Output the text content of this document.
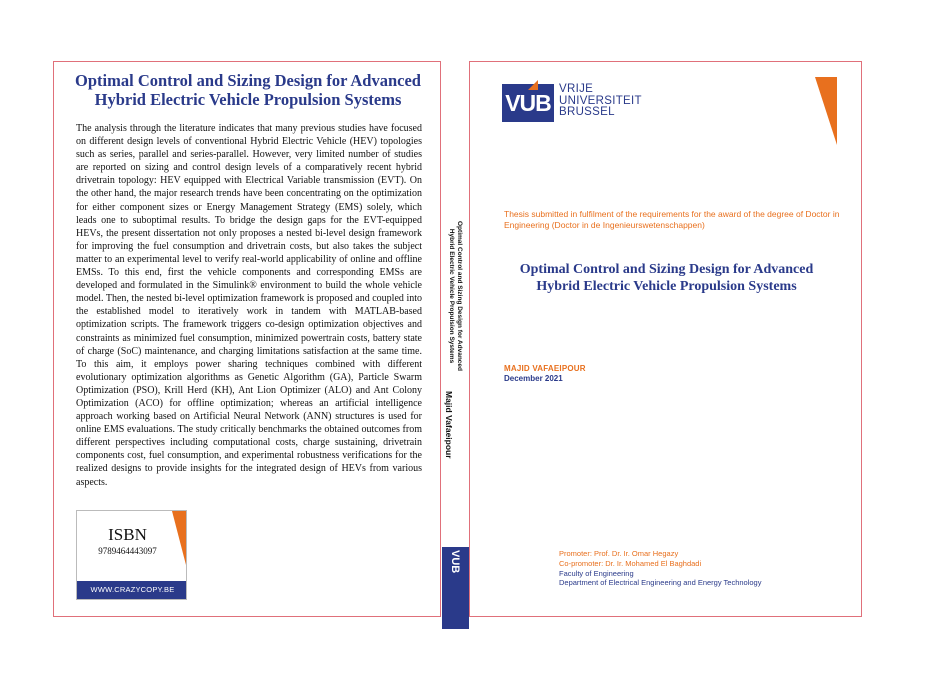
Optimal Control and Sizing Design for Advanced
Hybrid Electric Vehicle Propulsion Systems
The analysis through the literature indicates that many previous studies have focused on different design levels of conventional Hybrid Electric Vehicle (HEV) topologies such as series, parallel and series-parallel. However, very limited number of studies are reported on sizing and control design levels of a comparatively recent hybrid drivetrain topology: HEV equipped with Electrical Variable transmission (EVT). On the other hand, the major research trends have been concentrating on the optimization for either component sizes or Energy Management Strategy (EMS) solely, which leads one to suboptimal results. To bridge the design gaps for the EVT-equipped HEVs, the present dissertation not only proposes a nested bi-level design framework for improving the fuel consumption and drivetrain costs, but also takes the subject matter to an experimental level to verify real-world applicability of online and offline EMSs. To this end, first the vehicle components and corresponding EMSs are developed and formulated in the Simulink® environment to build the whole vehicle model. Then, the nested bi-level optimization framework is proposed and coupled into the established model to iteratively work in tandem with MATLAB-based optimization scripts. The framework triggers co-design optimization objectives and constraints as minimized fuel consumption, minimized powertrain costs, battery state of charge (SoC) maintenance, and charging limitations satisfaction at the same time. To this aim, it employs power sharing techniques combined with different evolutionary optimization algorithms as Genetic Algorithm (GA), Particle Swarm Optimization (PSO), Krill Herd (KH), Ant Lion Optimizer (ALO) and Ant Colony Optimization (ACO) for offline optimization; whereas an artificial intelligence approach working based on Artificial Neural Network (ANN) structures is used for online EMS evaluations. The study critically benchmarks the obtained outcomes from different perspectives including computational costs, charge sustaining, drivetrain components cost, fuel consumption, and experimental robustness verifications for the realized designs to provide insights for the integrated design of HEVs from various aspects.
ISBN
9789464443097
WWW.CRAZYCOPY.BE
Optimal Control and Sizing Design for Advanced
Hybrid Electric Vehicle Propulsion Systems
Majid Vafaeipour
VUB
VUB
VRIJE
UNIVERSITEIT
BRUSSEL
Thesis submitted in fulfilment of the requirements for the award of the degree of Doctor in Engineering (Doctor in de Ingenieurswetenschappen)
Optimal Control and Sizing Design for Advanced
Hybrid Electric Vehicle Propulsion Systems
MAJID VAFAEIPOUR
December 2021
Promoter: Prof. Dr. Ir. Omar Hegazy
Co-promoter: Dr. Ir. Mohamed El Baghdadi
Faculty of Engineering
Department of Electrical Engineering and Energy Technology
